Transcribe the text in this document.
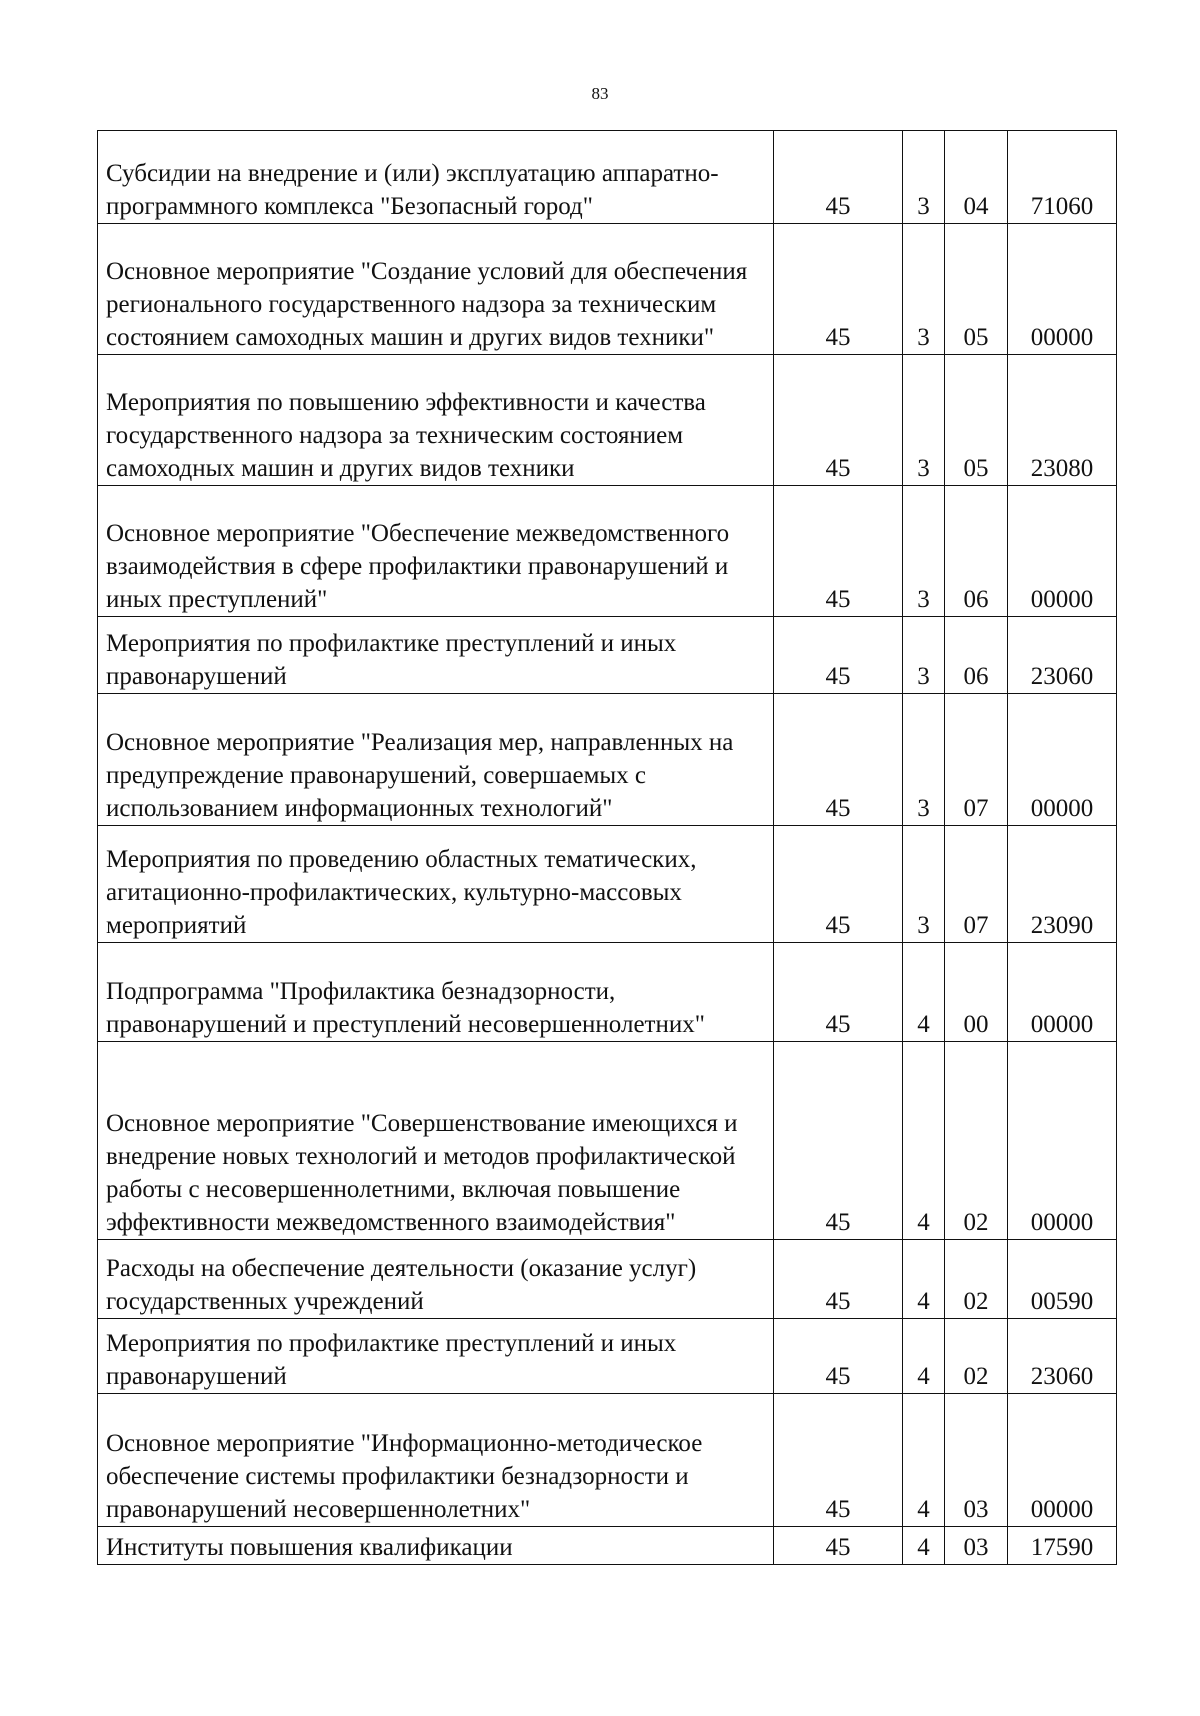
83
Субсидии на внедрение и (или) эксплуатацию аппаратно-программного комплекса "Безопасный город"	45	3	04	71060
Основное мероприятие "Создание условий для обеспечения регионального государственного надзора за техническим состоянием самоходных машин и других видов техники"	45	3	05	00000
Мероприятия по повышению эффективности и качества государственного надзора за техническим состоянием самоходных машин и других видов техники	45	3	05	23080
Основное мероприятие "Обеспечение межведомственного взаимодействия в сфере профилактики правонарушений и иных преступлений"	45	3	06	00000
Мероприятия по профилактике преступлений и иных правонарушений	45	3	06	23060
Основное мероприятие "Реализация мер, направленных на предупреждение правонарушений, совершаемых с использованием информационных технологий"	45	3	07	00000
Мероприятия по проведению областных тематических, агитационно-профилактических, культурно-массовых мероприятий	45	3	07	23090
Подпрограмма "Профилактика безнадзорности, правонарушений и преступлений несовершеннолетних"	45	4	00	00000
Основное мероприятие "Совершенствование имеющихся и внедрение новых технологий и методов профилактической работы с несовершеннолетними, включая повышение эффективности межведомственного взаимодействия"	45	4	02	00000
Расходы на обеспечение деятельности (оказание услуг) государственных учреждений	45	4	02	00590
Мероприятия по профилактике преступлений и иных правонарушений	45	4	02	23060
Основное мероприятие "Информационно-методическое обеспечение системы профилактики безнадзорности и правонарушений несовершеннолетних"	45	4	03	00000
Институты повышения квалификации	45	4	03	17590
